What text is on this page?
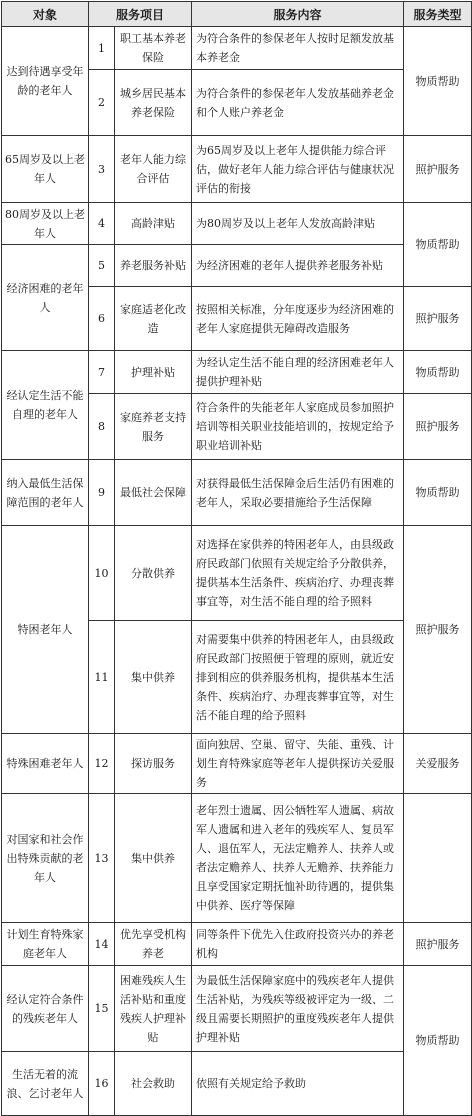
对象	服务项目		服务内容	服务类型
达到待遇享受年龄的老年人	1	职工基本养老保险	为符合条件的参保老年人按时足额发放基本养老金	物质帮助
	2	城乡居民基本养老保险	为符合条件的参保老年人发放基础养老金和个人账户养老金	
65周岁及以上老年人	3	老年人能力综合评估	为65周岁及以上老年人提供能力综合评估，做好老年人能力综合评估与健康状况评估的衔接	照护服务
80周岁及以上老年人	4	高龄津贴	为80周岁及以上老年人发放高龄津贴	物质帮助
经济困难的老年人	5	养老服务补贴	为经济困难的老年人提供养老服务补贴	
	6	家庭适老化改造	按照相关标准，分年度逐步为经济困难的老年人家庭提供无障碍改造服务	照护服务
经认定生活不能自理的老年人	7	护理补贴	为经认定生活不能自理的经济困难老年人提供护理补贴	物质帮助
	8	家庭养老支持服务	符合条件的失能老年人家庭成员参加照护培训等相关职业技能培训的，按规定给予职业培训补贴	照护服务
纳入最低生活保障范围的老年人	9	最低社会保障	对获得最低生活保障金后生活仍有困难的老年人，采取必要措施给予生活保障	物质帮助
特困老年人	10	分散供养	对选择在家供养的特困老年人，由县级政府民政部门依照有关规定给予分散供养，提供基本生活条件、疾病治疗、办理丧葬事宜等，对生活不能自理的给予照料	照护服务
	11	集中供养	对需要集中供养的特困老年人，由县级政府民政部门按照便于管理的原则，就近安排到相应的供养服务机构，提供基本生活条件、疾病治疗、办理丧葬事宜等，对生活不能自理的给予照料	
特殊困难老年人	12	探访服务	面向独居、空巢、留守、失能、重残、计划生育特殊家庭等老年人提供探访关爱服务	关爱服务
对国家和社会作出特殊贡献的老年人	13	集中供养	老年烈士遗属、因公牺牲军人遗属、病故军人遗属和进入老年的残疾军人、复员军人、退伍军人，无法定赡养人、扶养人或者法定赡养人、扶养人无赡养、扶养能力且享受国家定期抚恤补助待遇的，提供集中供养、医疗等保障	
计划生育特殊家庭老年人	14	优先享受机构养老	同等条件下优先入住政府投资兴办的养老机构	照护服务
经认定符合条件的残疾老年人	15	困难残疾人生活补贴和重度残疾人护理补贴	为最低生活保障家庭中的残疾老年人提供生活补贴，为残疾等级被评定为一级、二级且需要长期照护的重度残疾老年人提供护理补贴	物质帮助
生活无着的流浪、乞讨老年人	16	社会救助	依照有关规定给予救助	
